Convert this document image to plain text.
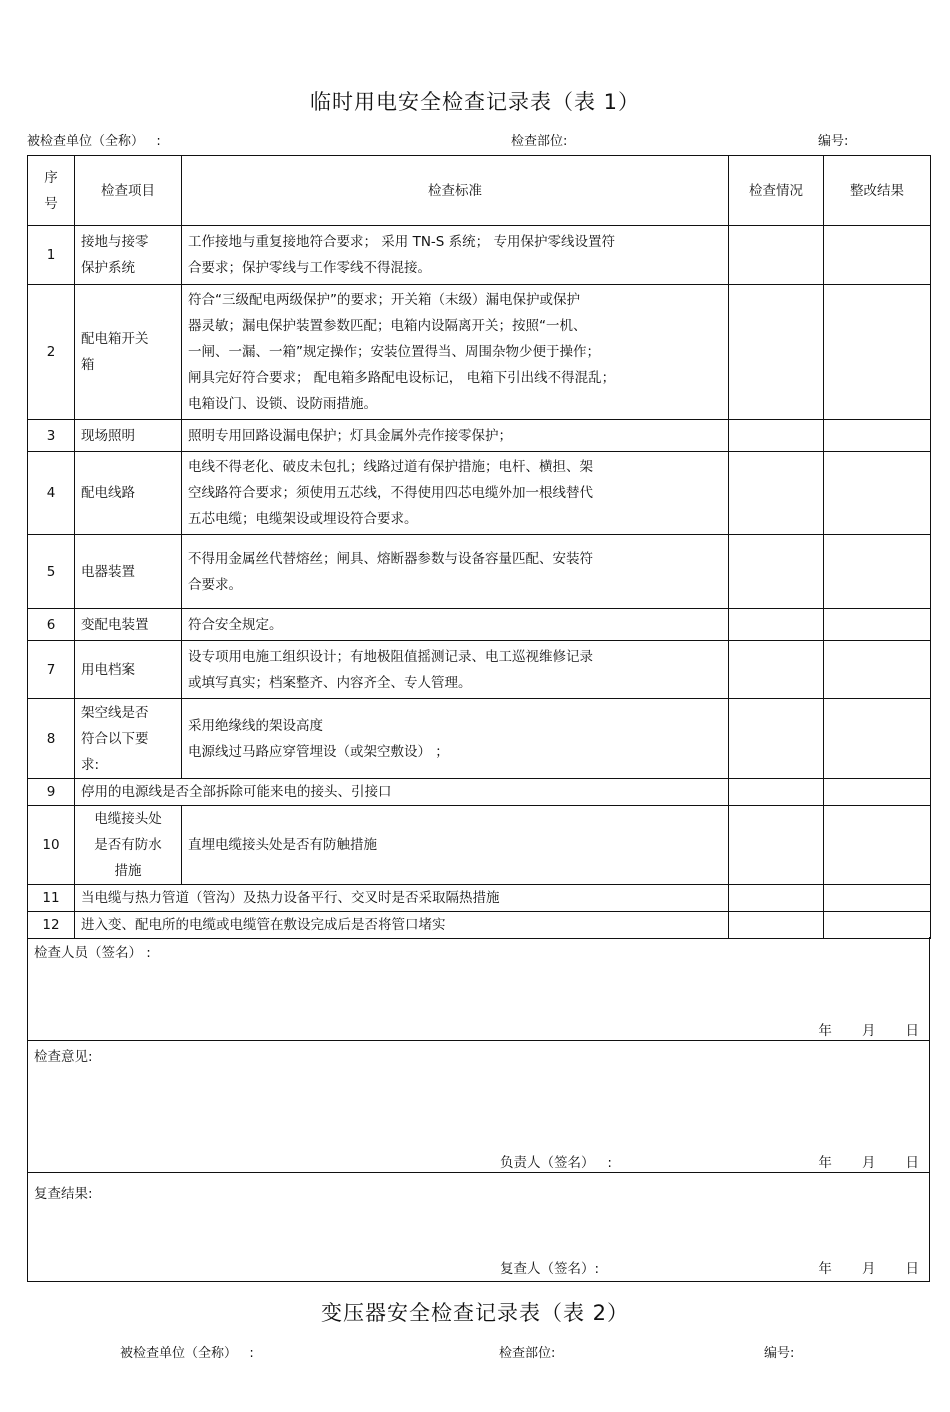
临时用电安全检查记录表（表 1）
被检查单位（全称）   :	检查部位:	编号:
序
号	检查项目	检查标准	检查情况	整改结果
1	接地与接零
保护系统	工作接地与重复接地符合要求； 采用 TN-S 系统； 专用保护零线设置符
合要求；保护零线与工作零线不得混接。		
2	配电箱开关
箱	符合“三级配电两级保护”的要求；开关箱（末级）漏电保护或保护
器灵敏；漏电保护装置参数匹配；电箱内设隔离开关；按照“一机、
一闸、一漏、一箱”规定操作；安装位置得当、周围杂物少便于操作；
闸具完好符合要求； 配电箱多路配电设标记， 电箱下引出线不得混乱；
电箱设门、设锁、设防雨措施。		
3	现场照明	照明专用回路设漏电保护；灯具金属外壳作接零保护；		
4	配电线路	电线不得老化、破皮未包扎；线路过道有保护措施；电杆、横担、架
空线路符合要求；须使用五芯线，不得使用四芯电缆外加一根线替代
五芯电缆；电缆架设或埋设符合要求。		
5	电器装置	不得用金属丝代替熔丝；闸具、熔断器参数与设备容量匹配、安装符
合要求。		
6	变配电装置	符合安全规定。		
7	用电档案	设专项用电施工组织设计；有地极阻值摇测记录、电工巡视维修记录
或填写真实；档案整齐、内容齐全、专人管理。		
8	架空线是否
符合以下要
求:	采用绝缘线的架设高度
电源线过马路应穿管埋设（或架空敷设） ；		
9	停用的电源线是否全部拆除可能来电的接头、引接口			
10	电缆接头处
是否有防水
措施	直埋电缆接头处是否有防触措施		
11	当电缆与热力管道（管沟）及热力设备平行、交叉时是否采取隔热措施			
12	进入变、配电所的电缆或电缆管在敷设完成后是否将管口堵实			
检查人员（签名） :
年       月       日
检查意见:
负责人（签名）   :	年       月       日
复查结果:
复查人（签名）:	年       月       日
变压器安全检查记录表（表 2）
被检查单位（全称）   :	检查部位:	编号:
